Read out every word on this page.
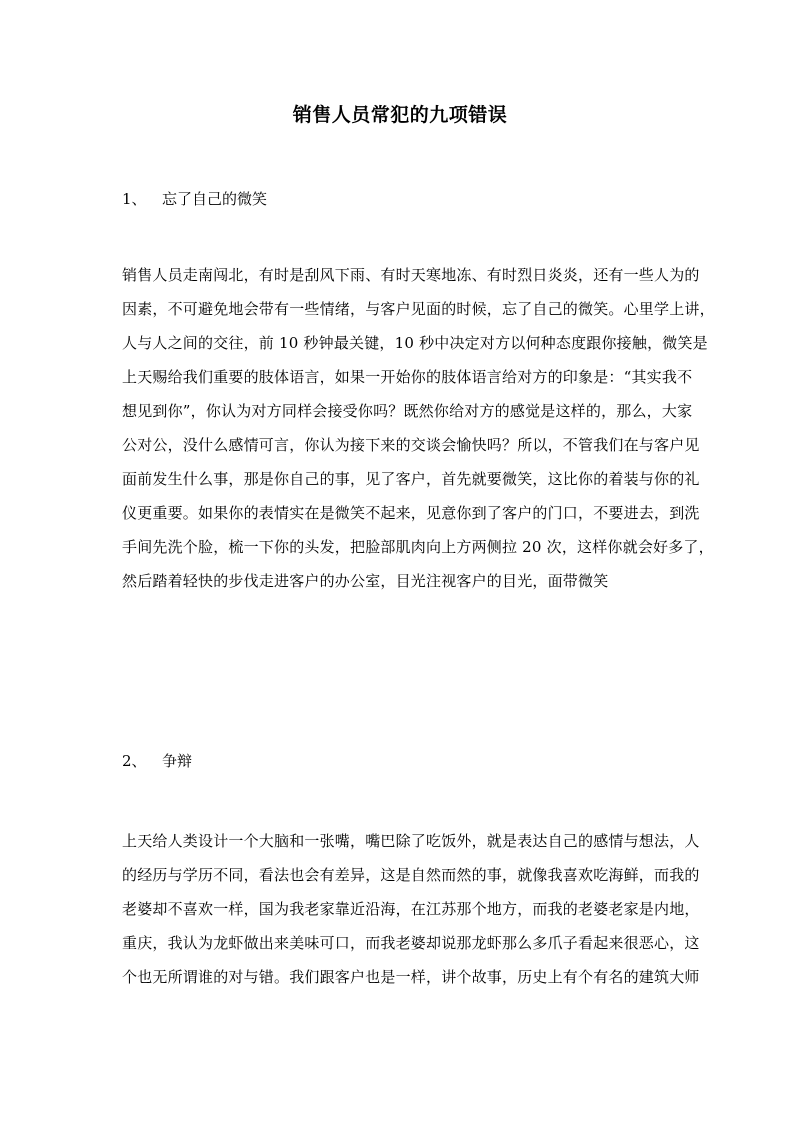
销售人员常犯的九项错误
1、 忘了自己的微笑
销售人员走南闯北，有时是刮风下雨、有时天寒地冻、有时烈日炎炎，还有一些人为的
因素，不可避免地会带有一些情绪，与客户见面的时候，忘了自己的微笑。心里学上讲，
人与人之间的交往，前 10 秒钟最关键，10 秒中决定对方以何种态度跟你接触，微笑是
上天赐给我们重要的肢体语言，如果一开始你的肢体语言给对方的印象是：“其实我不
想见到你”，你认为对方同样会接受你吗？既然你给对方的感觉是这样的，那么，大家
公对公，没什么感情可言，你认为接下来的交谈会愉快吗？所以，不管我们在与客户见
面前发生什么事，那是你自己的事，见了客户，首先就要微笑，这比你的着装与你的礼
仪更重要。如果你的表情实在是微笑不起来，见意你到了客户的门口，不要进去，到洗
手间先洗个脸，梳一下你的头发，把脸部肌肉向上方两侧拉 20 次，这样你就会好多了，
然后踏着轻快的步伐走进客户的办公室，目光注视客户的目光，面带微笑
2、 争辩
上天给人类设计一个大脑和一张嘴，嘴巴除了吃饭外，就是表达自己的感情与想法，人
的经历与学历不同，看法也会有差异，这是自然而然的事，就像我喜欢吃海鲜，而我的
老婆却不喜欢一样，国为我老家靠近沿海，在江苏那个地方，而我的老婆老家是内地，
重庆，我认为龙虾做出来美味可口，而我老婆却说那龙虾那么多爪子看起来很恶心，这
个也无所谓谁的对与错。我们跟客户也是一样，讲个故事，历史上有个有名的建筑大师
